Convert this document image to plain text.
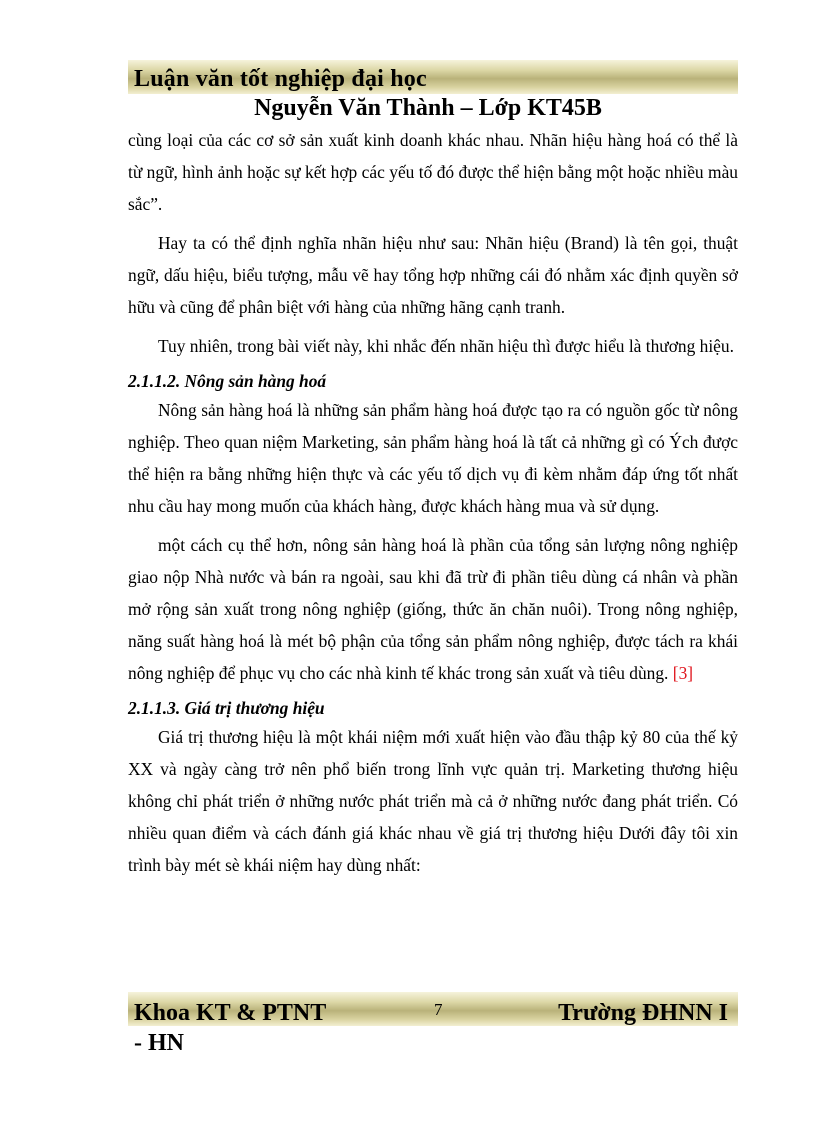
Luận văn tốt nghiệp đại học
Nguyễn Văn Thành – Lớp KT45B

cùng loại của các cơ sở sản xuất kinh doanh khác nhau. Nhãn hiệu hàng hoá có thể là từ ngữ, hình ảnh hoặc sự kết hợp các yếu tố đó được thể hiện bằng một hoặc nhiều màu sắc”.

Hay ta có thể định nghĩa nhãn hiệu như sau: Nhãn hiệu (Brand) là tên gọi, thuật ngữ, dấu hiệu, biểu tượng, mẫu vẽ hay tổng hợp những cái đó nhằm xác định quyền sở hữu và cũng để phân biệt với hàng của những hãng cạnh tranh.

Tuy nhiên, trong bài viết này, khi nhắc đến nhãn hiệu thì được hiểu là thương hiệu.

2.1.1.2. Nông sản hàng hoá

Nông sản hàng hoá là những sản phẩm hàng hoá được tạo ra có nguồn gốc từ nông nghiệp. Theo quan niệm Marketing, sản phẩm hàng hoá là tất cả những gì có Ých được thể hiện ra bằng những hiện thực và các yếu tố dịch vụ đi kèm nhằm đáp ứng tốt nhất nhu cầu hay mong muốn của khách hàng, được khách hàng mua và sử dụng.

một cách cụ thể hơn, nông sản hàng hoá là phần của tổng sản lượng nông nghiệp giao nộp Nhà nước và bán ra ngoài, sau khi đã trừ đi phần tiêu dùng cá nhân và phần mở rộng sản xuất trong nông nghiệp (giống, thức ăn chăn nuôi). Trong nông nghiệp, năng suất hàng hoá là mét bộ phận của tổng sản phẩm nông nghiệp, được tách ra khái nông nghiệp để phục vụ cho các nhà kinh tế khác trong sản xuất và tiêu dùng. [3]

2.1.1.3. Giá trị thương hiệu

Giá trị thương hiệu là một khái niệm mới xuất hiện vào đầu thập kỷ 80 của thế kỷ XX và ngày càng trở nên phổ biến trong lĩnh vực quản trị. Marketing thương hiệu không chỉ phát triển ở những nước phát triển mà cả ở những nước đang phát triển. Có nhiều quan điểm và cách đánh giá khác nhau về giá trị thương hiệu Dưới đây tôi xin trình bày mét sè khái niệm hay dùng nhất:

Khoa KT & PTNT	7	Trường ĐHNN I
- HN
